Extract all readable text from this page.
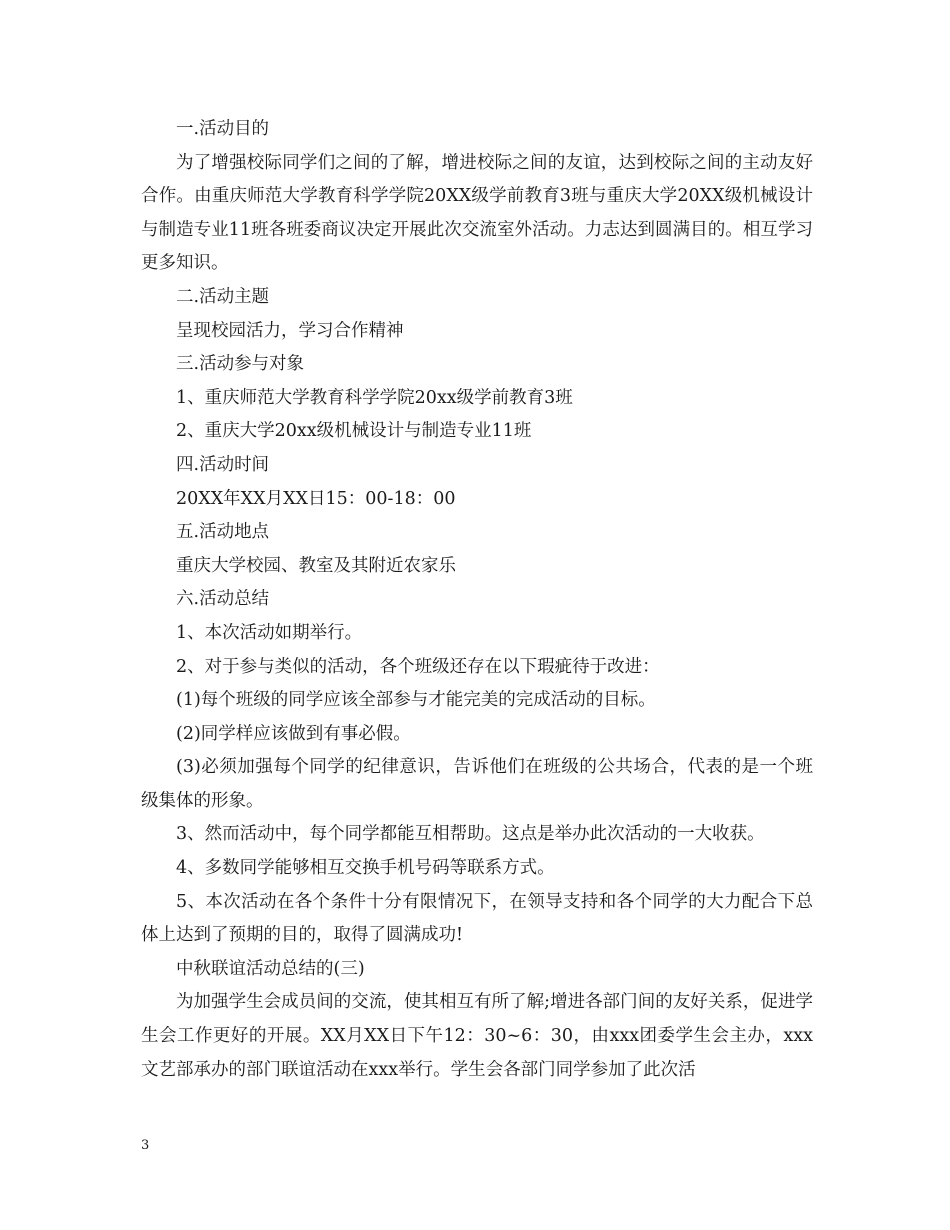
一.活动目的

为了增强校际同学们之间的了解，增进校际之间的友谊，达到校际之间的主动友好合作。由重庆师范大学教育科学学院20XX级学前教育3班与重庆大学20XX级机械设计与制造专业11班各班委商议决定开展此次交流室外活动。力志达到圆满目的。相互学习更多知识。

二.活动主题

呈现校园活力，学习合作精神

三.活动参与对象

1、重庆师范大学教育科学学院20xx级学前教育3班

2、重庆大学20xx级机械设计与制造专业11班

四.活动时间

20XX年XX月XX日15：00-18：00

五.活动地点

重庆大学校园、教室及其附近农家乐

六.活动总结

1、本次活动如期举行。

2、对于参与类似的活动，各个班级还存在以下瑕疵待于改进：

(1)每个班级的同学应该全部参与才能完美的完成活动的目标。

(2)同学样应该做到有事必假。

(3)必须加强每个同学的纪律意识，告诉他们在班级的公共场合，代表的是一个班级集体的形象。

3、然而活动中，每个同学都能互相帮助。这点是举办此次活动的一大收获。

4、多数同学能够相互交换手机号码等联系方式。

5、本次活动在各个条件十分有限情况下，在领导支持和各个同学的大力配合下总体上达到了预期的目的，取得了圆满成功!

中秋联谊活动总结的(三)

为加强学生会成员间的交流，使其相互有所了解;增进各部门间的友好关系，促进学生会工作更好的开展。XX月XX日下午12：30~6：30，由xxx团委学生会主办，xxx文艺部承办的部门联谊活动在xxx举行。学生会各部门同学参加了此次活

3
